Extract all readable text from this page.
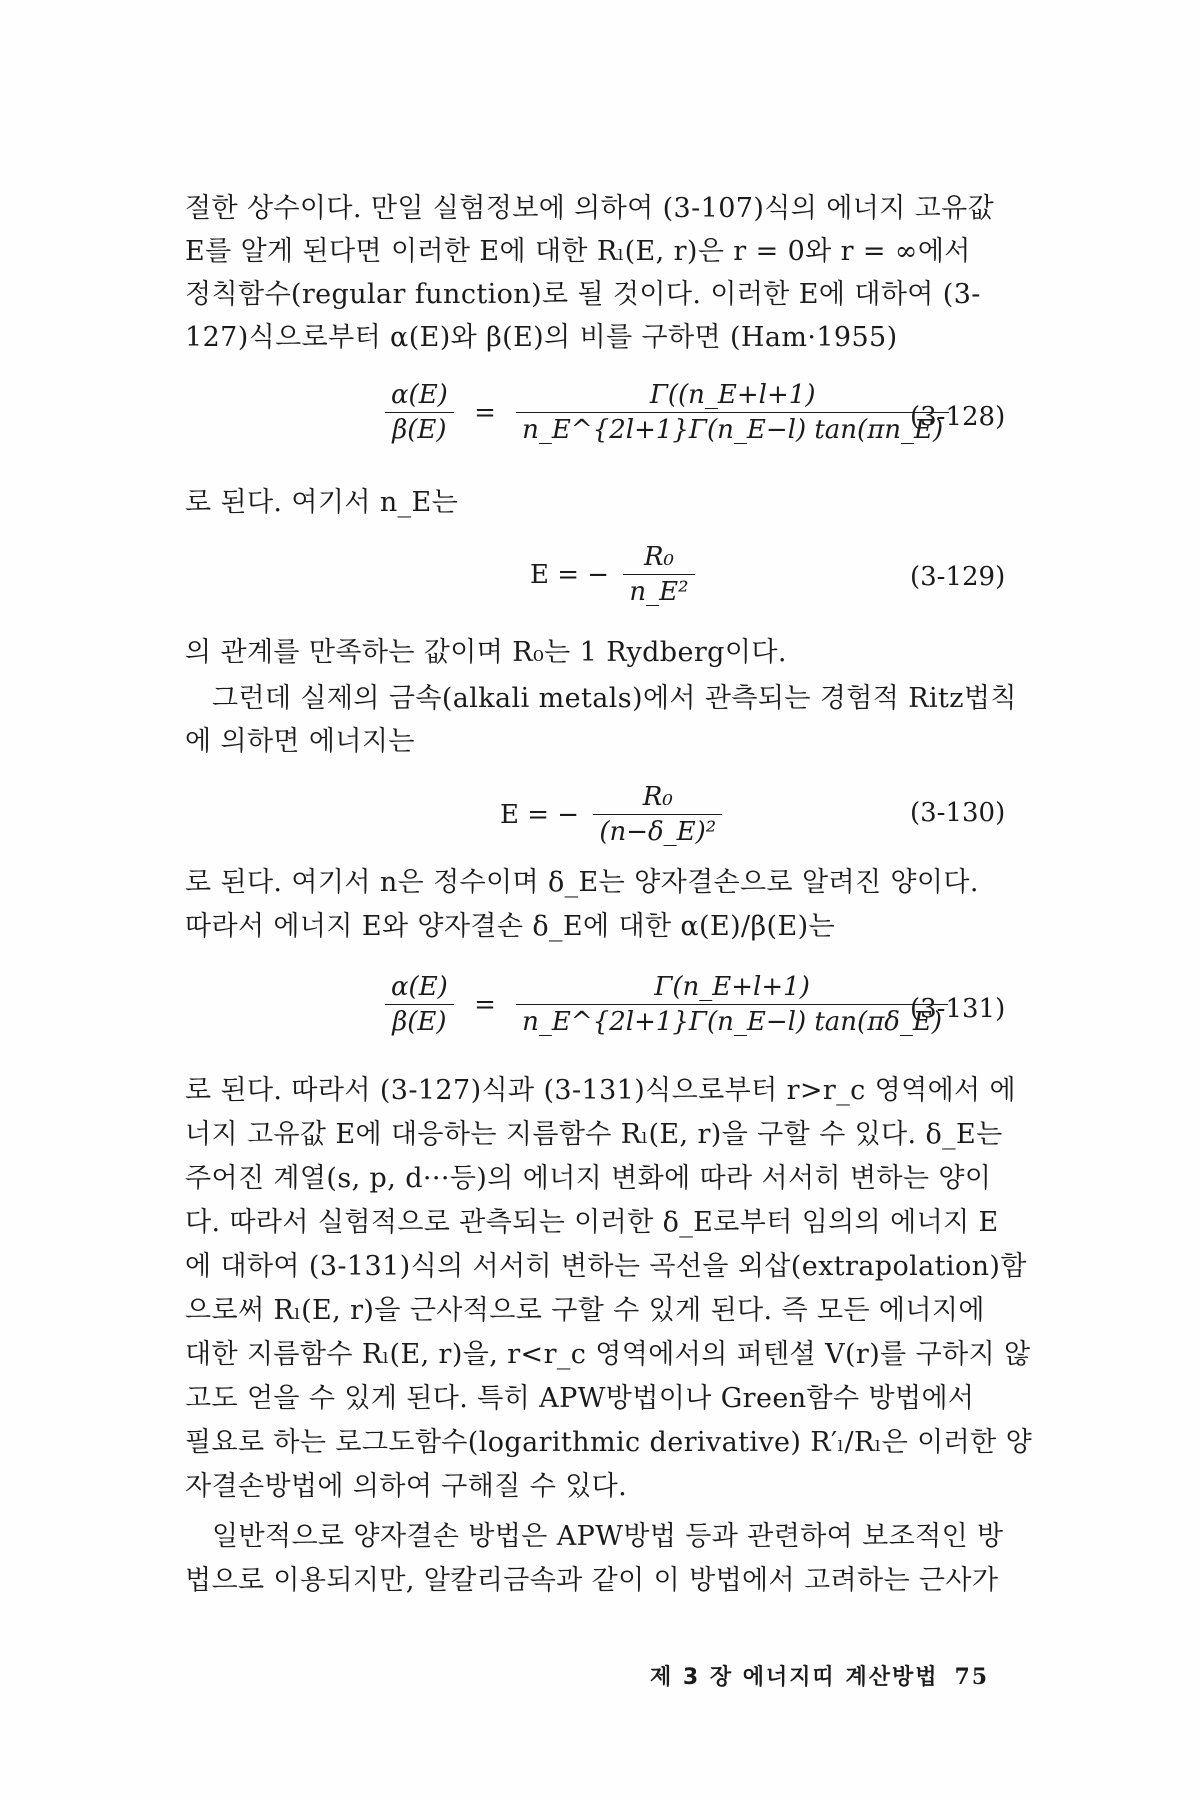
절한 상수이다. 만일 실험정보에 의하여 (3-107)식의 에너지 고유값
E를 알게 된다면 이러한 E에 대한 Rₗ(E, r)은 r = 0와 r = ∞에서
정칙함수(regular function)로 될 것이다. 이러한 E에 대하여 (3-
127)식으로부터 α(E)와 β(E)의 비를 구하면 (Ham·1955)
$\frac{\alpha(E)}{\beta(E)} = \frac{\Gamma((n\_E+l+1)}{n\_E\^{}\{2l+1\}\Gamma(n\_E-l) \tan(\pi n\_E)}$
(3-128)
로 된다. 여기서 n_E는
E = − $\frac{\text{R₀}}{\text{n\_E²}}$	(3-129)
의 관계를 만족하는 값이며 R₀는 1 Rydberg이다.
그런데 실제의 금속(alkali metals)에서 관측되는 경험적 Ritz법칙
에 의하면 에너지는
E = − $\frac{\text{R₀}}{\text{(n−δ\_E)²}}$	(3-130)
로 된다. 여기서 n은 정수이며 δ_E는 양자결손으로 알려진 양이다.
따라서 에너지 E와 양자결손 δ_E에 대한 α(E)/β(E)는
$\frac{\alpha(E)}{\beta(E)} = \frac{\Gamma(n\_E+l+1)}{n\_E\^{}\{2l+1\}\Gamma(n\_E-l) \tan(\pi\delta\_E)}$
(3-131)
로 된다. 따라서 (3-127)식과 (3-131)식으로부터 r>r_c 영역에서 에
너지 고유값 E에 대응하는 지름함수 Rₗ(E, r)을 구할 수 있다. δ_E는
주어진 계열(s, p, d···등)의 에너지 변화에 따라 서서히 변하는 양이
다. 따라서 실험적으로 관측되는 이러한 δ_E로부터 임의의 에너지 E
에 대하여 (3-131)식의 서서히 변하는 곡선을 외삽(extrapolation)함
으로써 Rₗ(E, r)을 근사적으로 구할 수 있게 된다. 즉 모든 에너지에
대한 지름함수 Rₗ(E, r)을, r<r_c 영역에서의 퍼텐셜 V(r)를 구하지 않
고도 얻을 수 있게 된다. 특히 APW방법이나 Green함수 방법에서
필요로 하는 로그도함수(logarithmic derivative) R′ₗ/Rₗ은 이러한 양
자결손방법에 의하여 구해질 수 있다.
일반적으로 양자결손 방법은 APW방법 등과 관련하여 보조적인 방
법으로 이용되지만, 알칼리금속과 같이 이 방법에서 고려하는 근사가
제 3 장 에너지띠 계산방법 75
